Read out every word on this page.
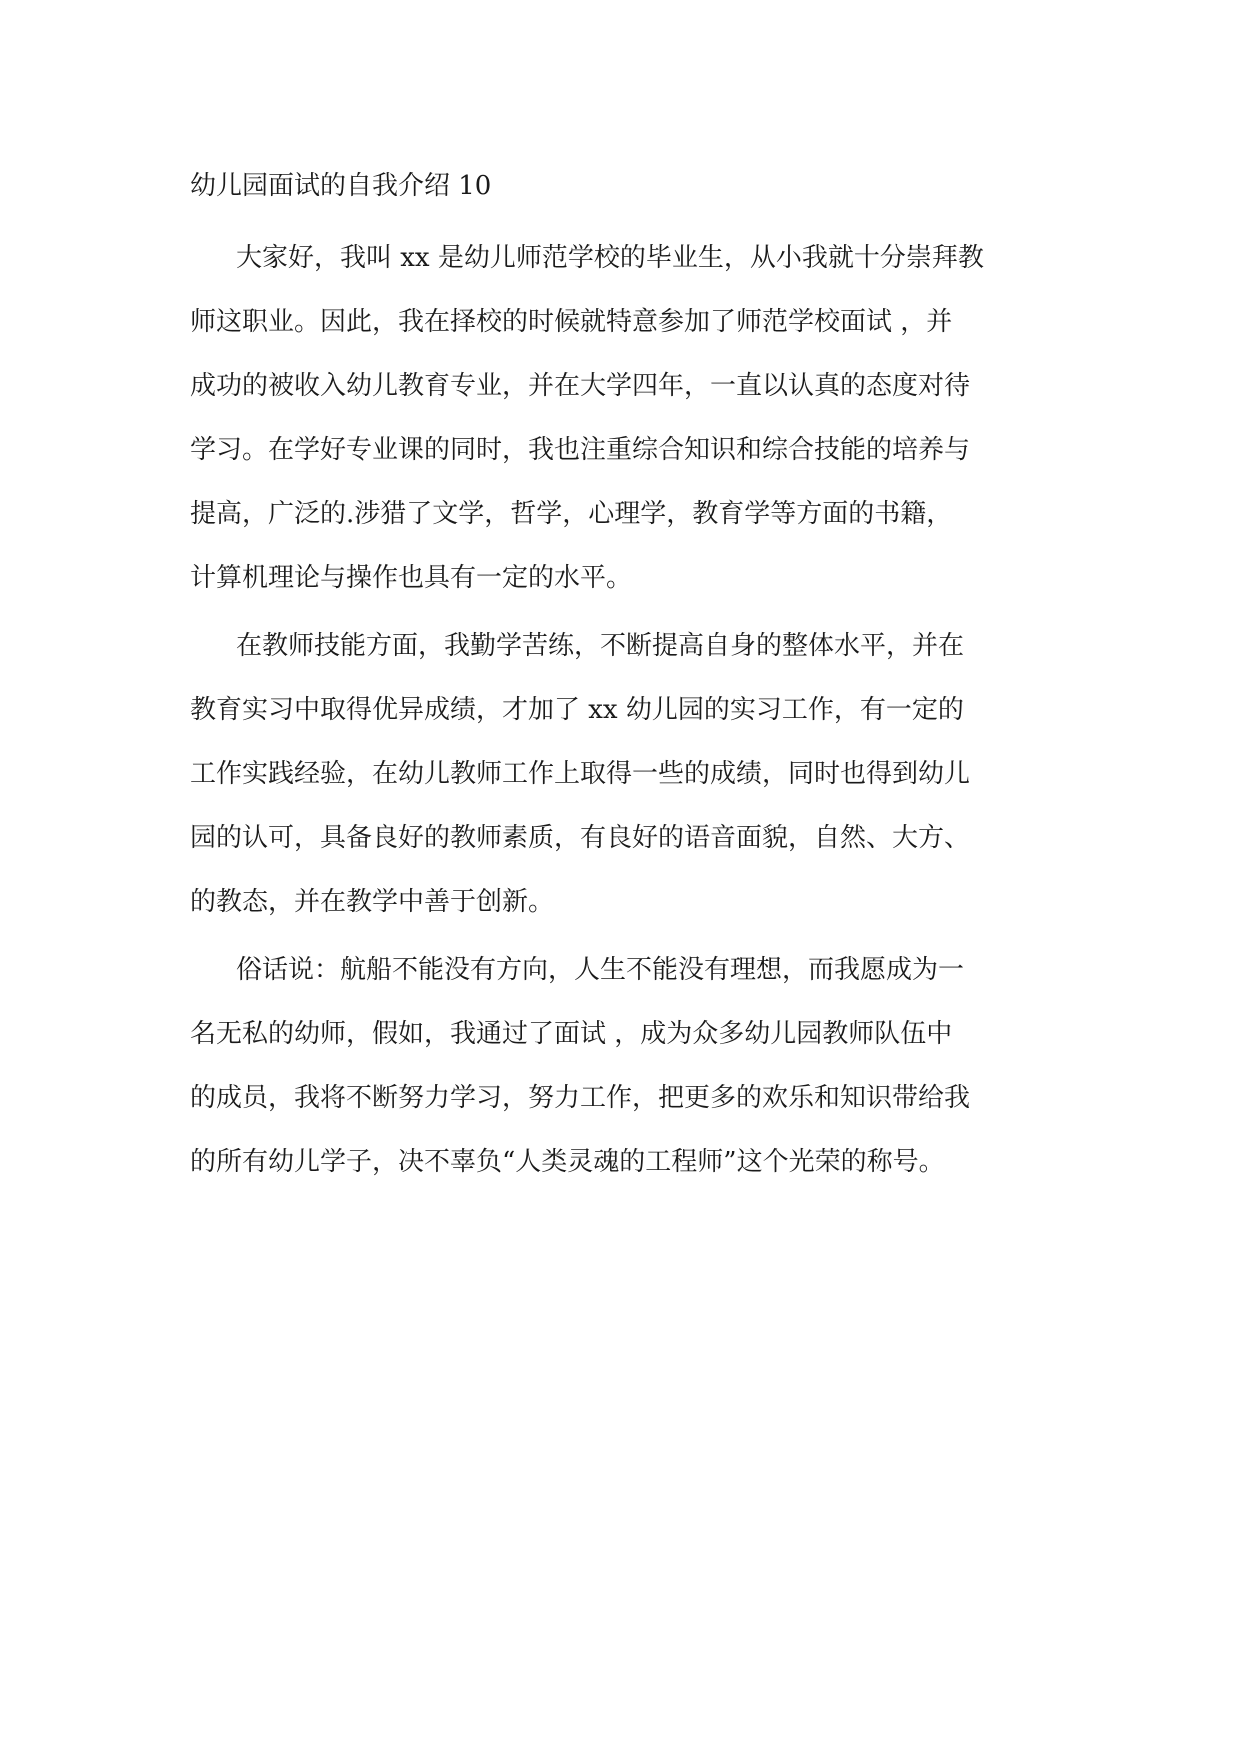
幼儿园面试的自我介绍 10
大家好，我叫 xx 是幼儿师范学校的毕业生，从小我就十分崇拜教
师这职业。因此，我在择校的时候就特意参加了师范学校面试 ，并
成功的被收入幼儿教育专业，并在大学四年，一直以认真的态度对待
学习。在学好专业课的同时，我也注重综合知识和综合技能的培养与
提高，广泛的.涉猎了文学，哲学，心理学，教育学等方面的书籍，
计算机理论与操作也具有一定的水平。
在教师技能方面，我勤学苦练，不断提高自身的整体水平，并在
教育实习中取得优异成绩，才加了 xx 幼儿园的实习工作，有一定的
工作实践经验，在幼儿教师工作上取得一些的成绩，同时也得到幼儿
园的认可，具备良好的教师素质，有良好的语音面貌，自然、大方、
的教态，并在教学中善于创新。
俗话说：航船不能没有方向，人生不能没有理想，而我愿成为一
名无私的幼师，假如，我通过了面试 ，成为众多幼儿园教师队伍中
的成员，我将不断努力学习，努力工作，把更多的欢乐和知识带给我
的所有幼儿学子，决不辜负“人类灵魂的工程师”这个光荣的称号。
